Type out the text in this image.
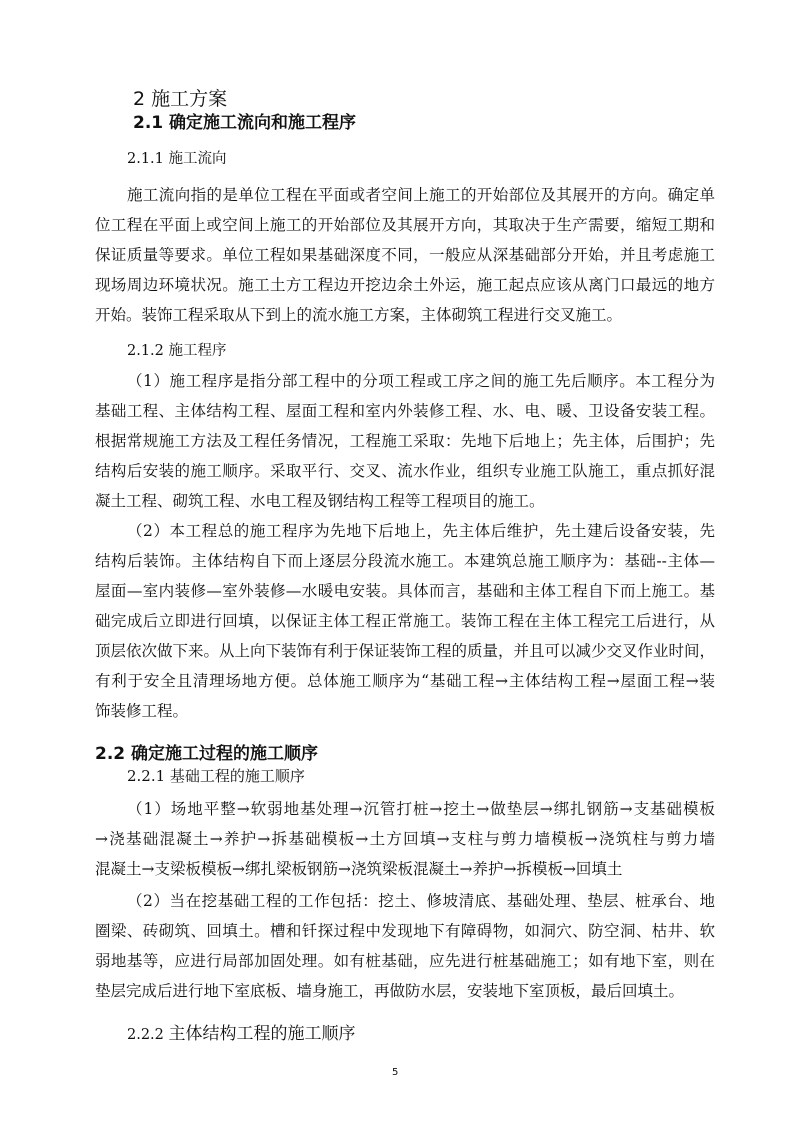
2 施工方案
2.1 确定施工流向和施工程序
2.1.1 施工流向
施工流向指的是单位工程在平面或者空间上施工的开始部位及其展开的方向。确定单
位工程在平面上或空间上施工的开始部位及其展开方向，其取决于生产需要，缩短工期和
保证质量等要求。单位工程如果基础深度不同，一般应从深基础部分开始，并且考虑施工
现场周边环境状况。施工土方工程边开挖边余土外运，施工起点应该从离门口最远的地方
开始。装饰工程采取从下到上的流水施工方案，主体砌筑工程进行交叉施工。
2.1.2 施工程序
（1）施工程序是指分部工程中的分项工程或工序之间的施工先后顺序。本工程分为
基础工程、主体结构工程、屋面工程和室内外装修工程、水、电、暖、卫设备安装工程。
根据常规施工方法及工程任务情况，工程施工采取：先地下后地上；先主体，后围护；先
结构后安装的施工顺序。采取平行、交叉、流水作业，组织专业施工队施工，重点抓好混
凝土工程、砌筑工程、水电工程及钢结构工程等工程项目的施工。
（2）本工程总的施工程序为先地下后地上，先主体后维护，先土建后设备安装，先
结构后装饰。主体结构自下而上逐层分段流水施工。本建筑总施工顺序为：基础--主体—
屋面—室内装修—室外装修—水暖电安装。具体而言，基础和主体工程自下而上施工。基
础完成后立即进行回填，以保证主体工程正常施工。装饰工程在主体工程完工后进行，从
顶层依次做下来。从上向下装饰有利于保证装饰工程的质量，并且可以减少交叉作业时间，
有利于安全且清理场地方便。总体施工顺序为“基础工程→主体结构工程→屋面工程→装
饰装修工程。
2.2 确定施工过程的施工顺序
2.2.1 基础工程的施工顺序
（1）场地平整→软弱地基处理→沉管打桩→挖土→做垫层→绑扎钢筋→支基础模板
→浇基础混凝土→养护→拆基础模板→土方回填→支柱与剪力墙模板→浇筑柱与剪力墙
混凝土→支梁板模板→绑扎梁板钢筋→浇筑梁板混凝土→养护→拆模板→回填土
（2）当在挖基础工程的工作包括：挖土、修坡清底、基础处理、垫层、桩承台、地
圈梁、砖砌筑、回填土。槽和钎探过程中发现地下有障碍物，如洞穴、防空洞、枯井、软
弱地基等，应进行局部加固处理。如有桩基础，应先进行桩基础施工；如有地下室，则在
垫层完成后进行地下室底板、墙身施工，再做防水层，安装地下室顶板，最后回填土。
2.2.2 主体结构工程的施工顺序
5
